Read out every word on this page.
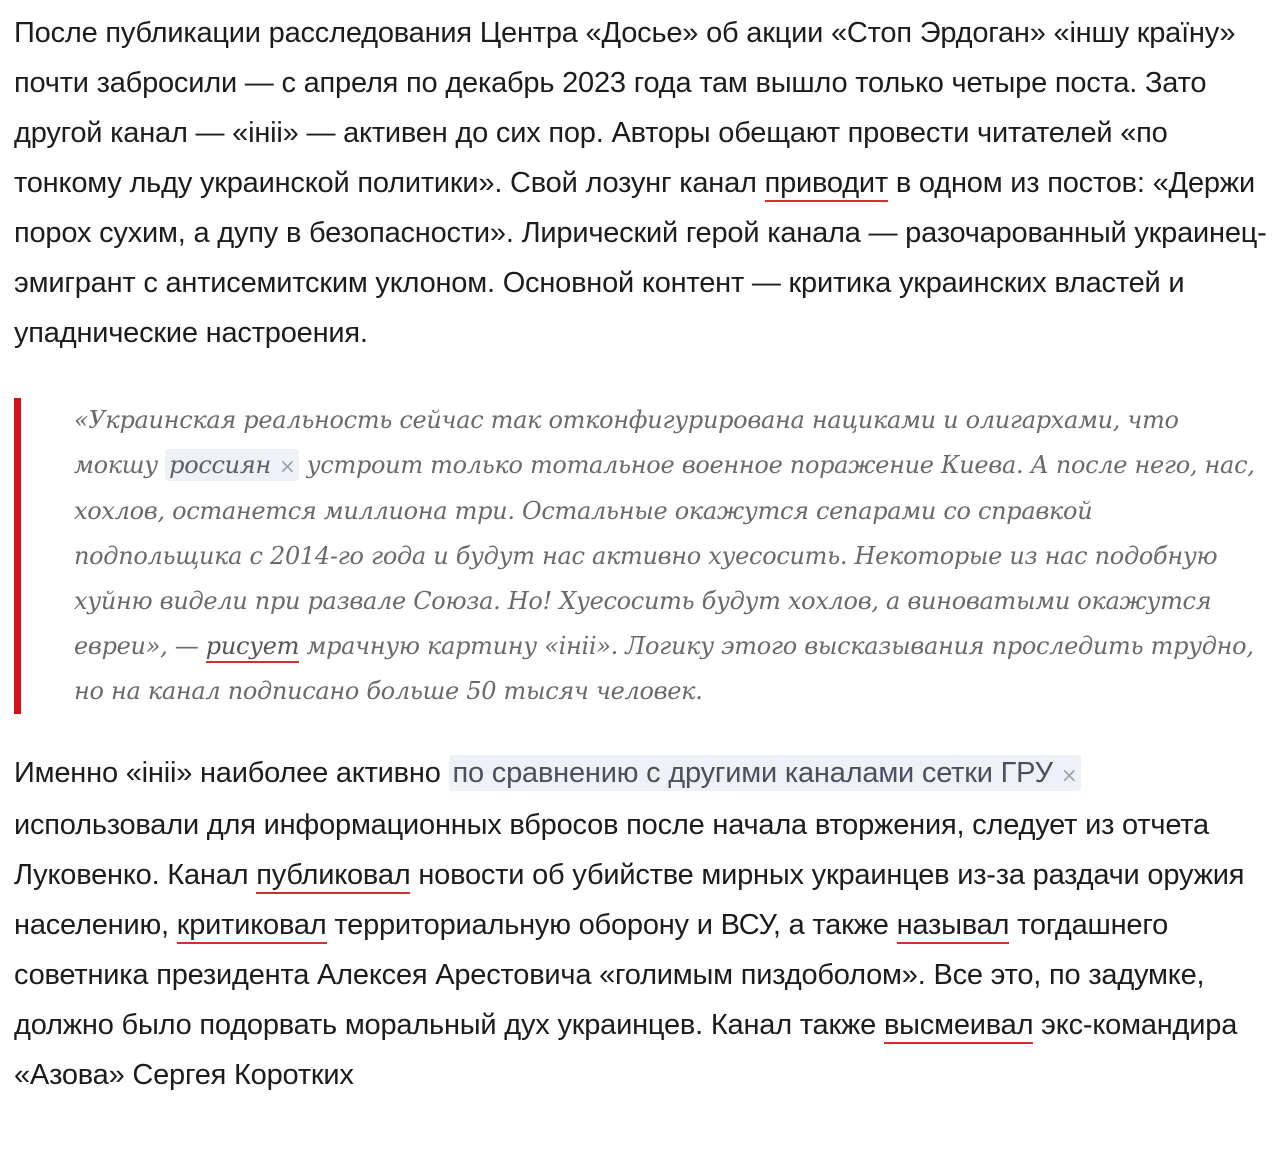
После публикации расследования Центра «Досье» об акции «Стоп Эрдоган» «іншу країну» почти забросили — с апреля по декабрь 2023 года там вышло только четыре поста. Зато другой канал — «ініі» — активен до сих пор. Авторы обещают провести читателей «по тонкому льду украинской политики». Свой лозунг канал приводит в одном из постов: «Держи порох сухим, а дупу в безопасности». Лирический герой канала — разочарованный украинец-эмигрант с антисемитским уклоном. Основной контент — критика украинских властей и упаднические настроения.

«Украинская реальность сейчас так отконфигурирована нациками и олигархами, что мокшу россиян × устроит только тотальное военное поражение Киева. А после него, нас, хохлов, останется миллиона три. Остальные окажутся сепарами со справкой подпольщика с 2014-го года и будут нас активно хуесосить. Некоторые из нас подобную хуйню видели при развале Союза. Но! Хуесосить будут хохлов, а виноватыми окажутся евреи», — рисует мрачную картину «ініі». Логику этого высказывания проследить трудно, но на канал подписано больше 50 тысяч человек.

Именно «ініі» наиболее активно по сравнению с другими каналами сетки ГРУ × использовали для информационных вбросов после начала вторжения, следует из отчета Луковенко. Канал публиковал новости об убийстве мирных украинцев из-за раздачи оружия населению, критиковал территориальную оборону и ВСУ, а также называл тогдашнего советника президента Алексея Арестовича «голимым пиздоболом». Все это, по задумке, должно было подорвать моральный дух украинцев. Канал также высмеивал экс-командира «Азова» Сергея Коротких
